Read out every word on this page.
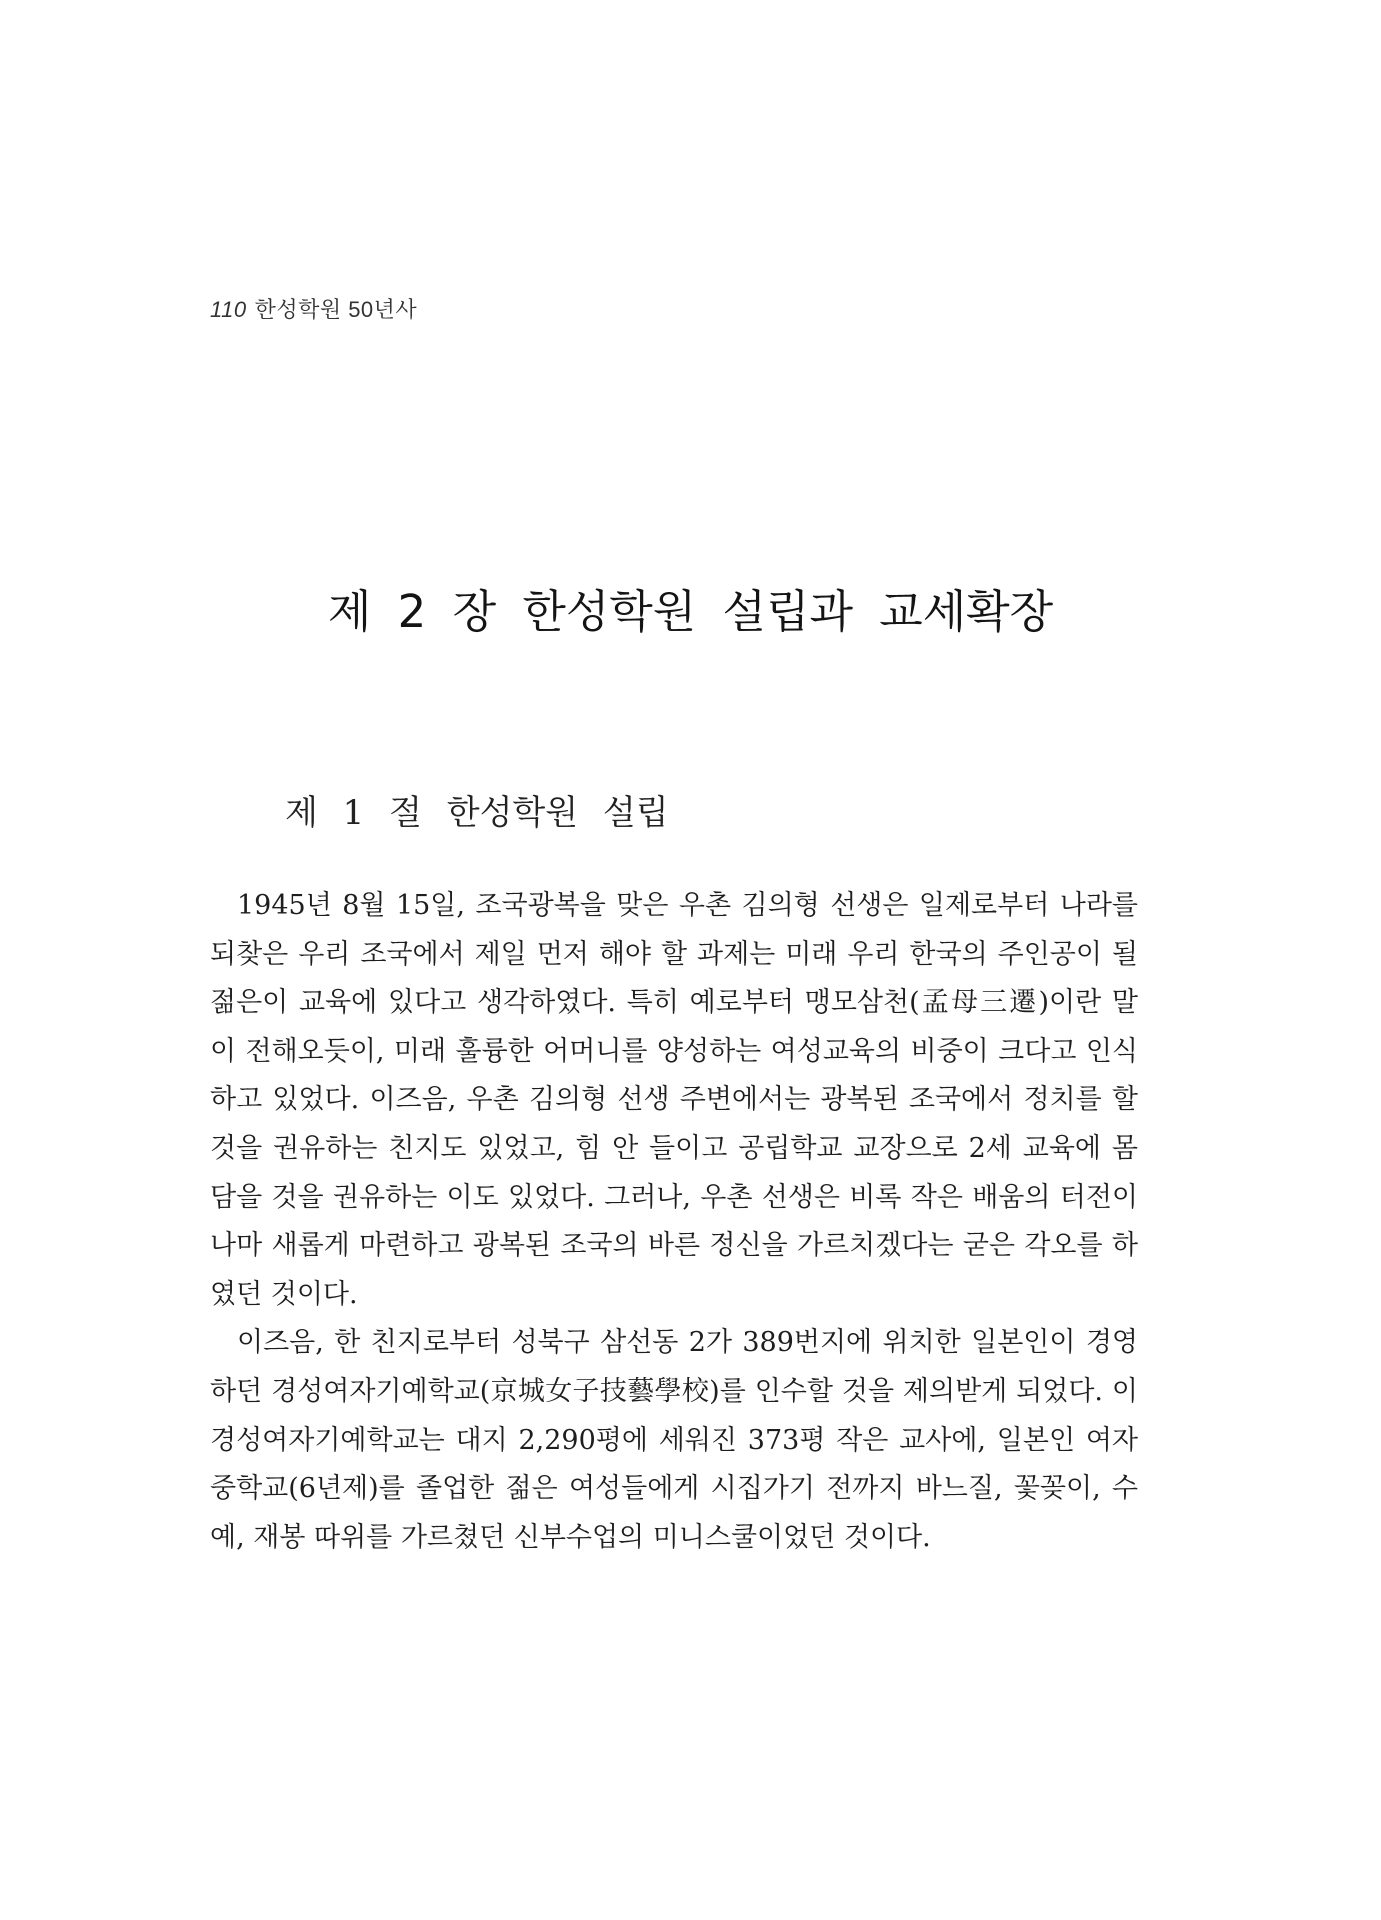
110 한성학원 50년사
제 2 장 한성학원 설립과 교세확장
제 1 절 한성학원 설립

1945년 8월 15일, 조국광복을 맞은 우촌 김의형 선생은 일제로부터 나라를 되찾은 우리 조국에서 제일 먼저 해야 할 과제는 미래 우리 한국의 주인공이 될 젊은이 교육에 있다고 생각하였다. 특히 예로부터 맹모삼천(孟母三遷)이란 말이 전해오듯이, 미래 훌륭한 어머니를 양성하는 여성교육의 비중이 크다고 인식하고 있었다. 이즈음, 우촌 김의형 선생 주변에서는 광복된 조국에서 정치를 할 것을 권유하는 친지도 있었고, 힘 안 들이고 공립학교 교장으로 2세 교육에 몸담을 것을 권유하는 이도 있었다. 그러나, 우촌 선생은 비록 작은 배움의 터전이나마 새롭게 마련하고 광복된 조국의 바른 정신을 가르치겠다는 굳은 각오를 하였던 것이다.

이즈음, 한 친지로부터 성북구 삼선동 2가 389번지에 위치한 일본인이 경영하던 경성여자기예학교(京城女子技藝學校)를 인수할 것을 제의받게 되었다. 이 경성여자기예학교는 대지 2,290평에 세워진 373평 작은 교사에, 일본인 여자중학교(6년제)를 졸업한 젊은 여성들에게 시집가기 전까지 바느질, 꽃꽂이, 수예, 재봉 따위를 가르쳤던 신부수업의 미니스쿨이었던 것이다.
